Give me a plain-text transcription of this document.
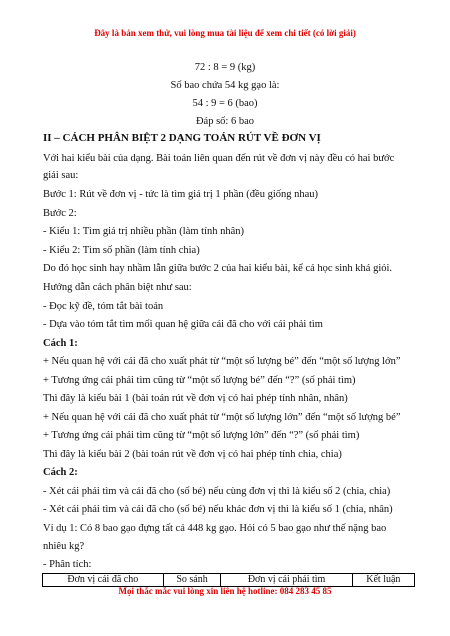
Đây là bản xem thử, vui lòng mua tài liệu để xem chi tiết (có lời giải)
72 : 8 = 9 (kg)
Số bao chứa 54 kg gạo là:
54 : 9 = 6 (bao)
Đáp số: 6 bao
II – CÁCH PHÂN BIỆT 2 DẠNG TOÁN RÚT VỀ ĐƠN VỊ
Với hai kiểu bài của dạng. Bài toán liên quan đến rút về đơn vị này đều có hai bước
giải sau:
Bước 1: Rút về đơn vị - tức là tìm giá trị 1 phần (đều giống nhau)
Bước 2:
- Kiểu 1: Tìm giá trị nhiều phần (làm tính nhân)
- Kiểu 2: Tìm số phần (làm tính chia)
Do đó học sinh hay nhầm lẫn giữa bước 2 của hai kiểu bài, kể cả học sinh khá giỏi.
Hướng dẫn cách phân biệt như sau:
- Đọc kỹ đề, tóm tắt bài toán
- Dựa vào tóm tắt tìm mối quan hệ giữa cái đã cho với cái phải tìm
Cách 1:
+ Nếu quan hệ với cái đã cho xuất phát từ “một số lượng bé” đến “một số lượng lớn”
+ Tương ứng cái phải tìm cũng từ “một số lượng bé” đến “?” (số phải tìm)
Thì đây là kiểu bài 1 (bài toán rút về đơn vị có hai phép tính nhân, nhân)
+ Nếu quan hệ với cái đã cho xuất phát từ “một số lượng lớn” đến “một số lượng bé”
+ Tương ứng cái phải tìm cũng từ “một số lượng lớn” đến “?” (số phải tìm)
Thì đây là kiểu bài 2 (bài toán rút về đơn vị có hai phép tính chia, chia)
Cách 2:
- Xét cái phải tìm và cái đã cho (số bé) nếu cùng đơn vị thì là kiểu số 2 (chia, chia)
- Xét cái phải tìm và cái đã cho (số bé) nếu khác đơn vị thì là kiểu số 1 (chia, nhân)
Ví dụ 1: Có 8 bao gạo đựng tất cả 448 kg gạo. Hỏi có 5 bao gạo như thế nặng bao
nhiêu kg?
- Phân tích:
Đơn vị cái đã cho	So sánh	Đơn vị cái phải tìm	Kết luận
Mọi thắc mắc vui lòng xin liên hệ hotline: 084 283 45 85
